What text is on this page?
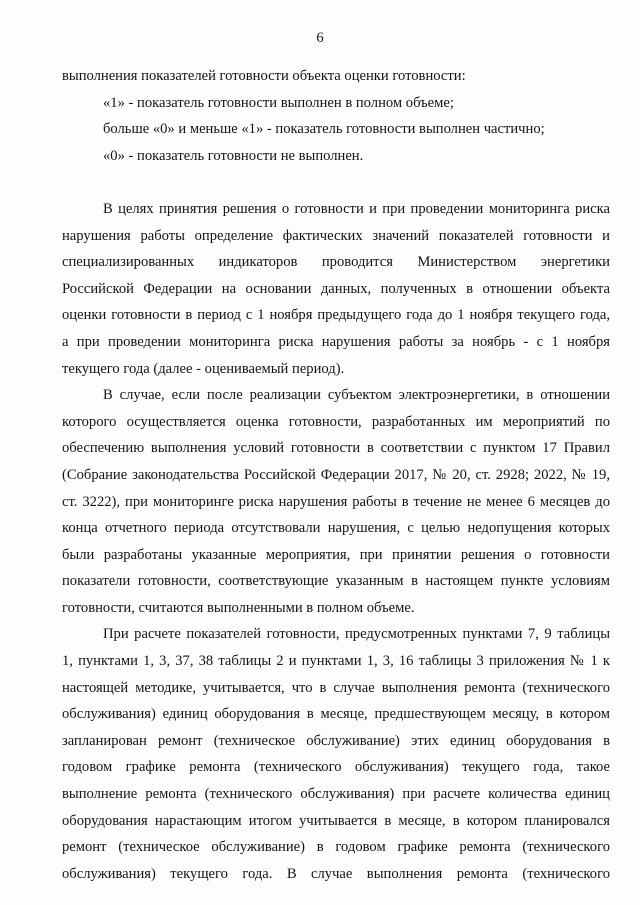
6
выполнения показателей готовности объекта оценки готовности:
«1» - показатель готовности выполнен в полном объеме;
больше «0» и меньше «1» - показатель готовности выполнен частично;
«0» - показатель готовности не выполнен.
В целях принятия решения о готовности и при проведении мониторинга риска
нарушения работы определение фактических значений показателей готовности и
специализированных индикаторов проводится Министерством энергетики
Российской Федерации на основании данных, полученных в отношении объекта
оценки готовности в период с 1 ноября предыдущего года до 1 ноября текущего года,
а при проведении мониторинга риска нарушения работы за ноябрь - с 1 ноября
текущего года (далее - оцениваемый период).
В случае, если после реализации субъектом электроэнергетики, в отношении
которого осуществляется оценка готовности, разработанных им мероприятий по
обеспечению выполнения условий готовности в соответствии с пунктом 17 Правил
(Собрание законодательства Российской Федерации 2017, № 20, ст. 2928; 2022, № 19,
ст. 3222), при мониторинге риска нарушения работы в течение не менее 6 месяцев до
конца отчетного периода отсутствовали нарушения, с целью недопущения которых
были разработаны указанные мероприятия, при принятии решения о готовности
показатели готовности, соответствующие указанным в настоящем пункте условиям
готовности, считаются выполненными в полном объеме.
При расчете показателей готовности, предусмотренных пунктами 7, 9 таблицы
1, пунктами 1, 3, 37, 38 таблицы 2 и пунктами 1, 3, 16 таблицы 3 приложения № 1 к
настоящей методике, учитывается, что в случае выполнения ремонта (технического
обслуживания) единиц оборудования в месяце, предшествующем месяцу, в котором
запланирован ремонт (техническое обслуживание) этих единиц оборудования в
годовом графике ремонта (технического обслуживания) текущего года, такое
выполнение ремонта (технического обслуживания) при расчете количества единиц
оборудования нарастающим итогом учитывается в месяце, в котором планировался
ремонт (техническое обслуживание) в годовом графике ремонта (технического
обслуживания) текущего года. В случае выполнения ремонта (технического
